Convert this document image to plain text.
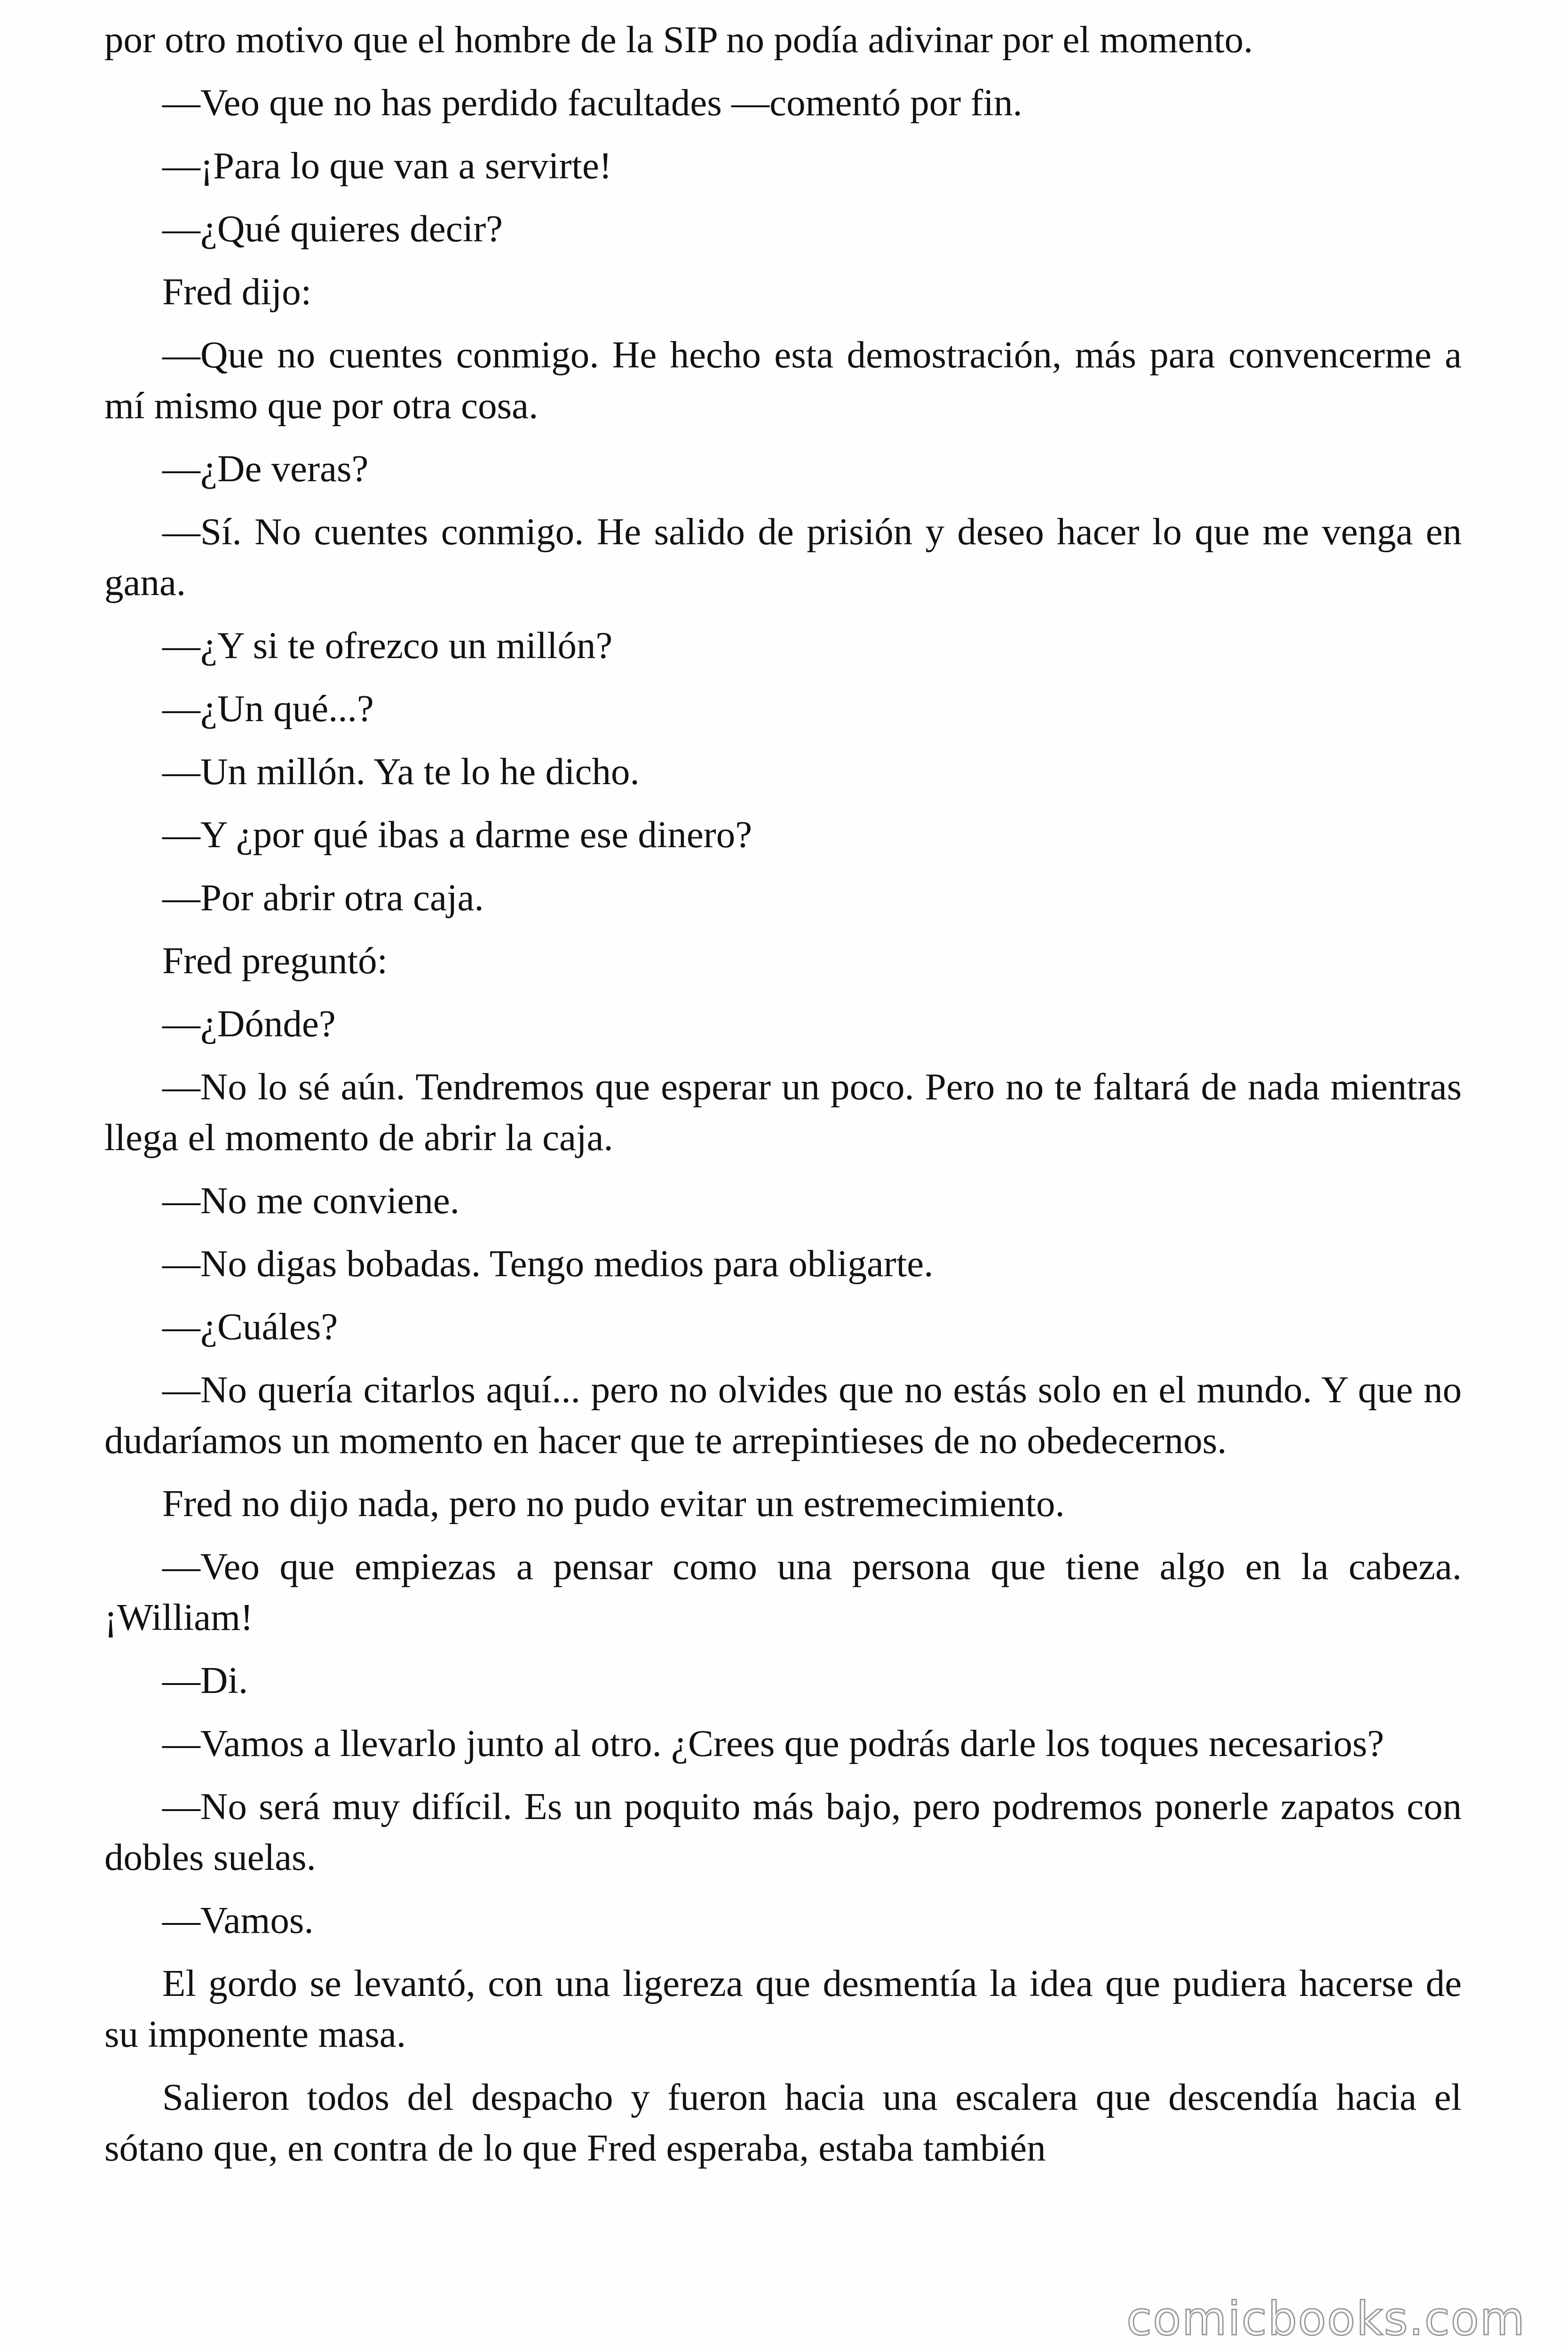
por otro motivo que el hombre de la SIP no podía adivinar por el momento.

—Veo que no has perdido facultades —comentó por fin.

—¡Para lo que van a servirte!

—¿Qué quieres decir?

Fred dijo:

—Que no cuentes conmigo. He hecho esta demostración, más para convencerme a mí mismo que por otra cosa.

—¿De veras?

—Sí. No cuentes conmigo. He salido de prisión y deseo hacer lo que me venga en gana.

—¿Y si te ofrezco un millón?

—¿Un qué...?

—Un millón. Ya te lo he dicho.

—Y ¿por qué ibas a darme ese dinero?

—Por abrir otra caja.

Fred preguntó:

—¿Dónde?

—No lo sé aún. Tendremos que esperar un poco. Pero no te faltará de nada mientras llega el momento de abrir la caja.

—No me conviene.

—No digas bobadas. Tengo medios para obligarte.

—¿Cuáles?

—No quería citarlos aquí... pero no olvides que no estás solo en el mundo. Y que no dudaríamos un momento en hacer que te arrepintieses de no obedecernos.

Fred no dijo nada, pero no pudo evitar un estremecimiento.

—Veo que empiezas a pensar como una persona que tiene algo en la cabeza. ¡William!

—Di.

—Vamos a llevarlo junto al otro. ¿Crees que podrás darle los toques necesarios?

—No será muy difícil. Es un poquito más bajo, pero podremos ponerle zapatos con dobles suelas.

—Vamos.

El gordo se levantó, con una ligereza que desmentía la idea que pudiera hacerse de su imponente masa.

Salieron todos del despacho y fueron hacia una escalera que descendía hacia el sótano que, en contra de lo que Fred esperaba, estaba también

comicbooks.com
